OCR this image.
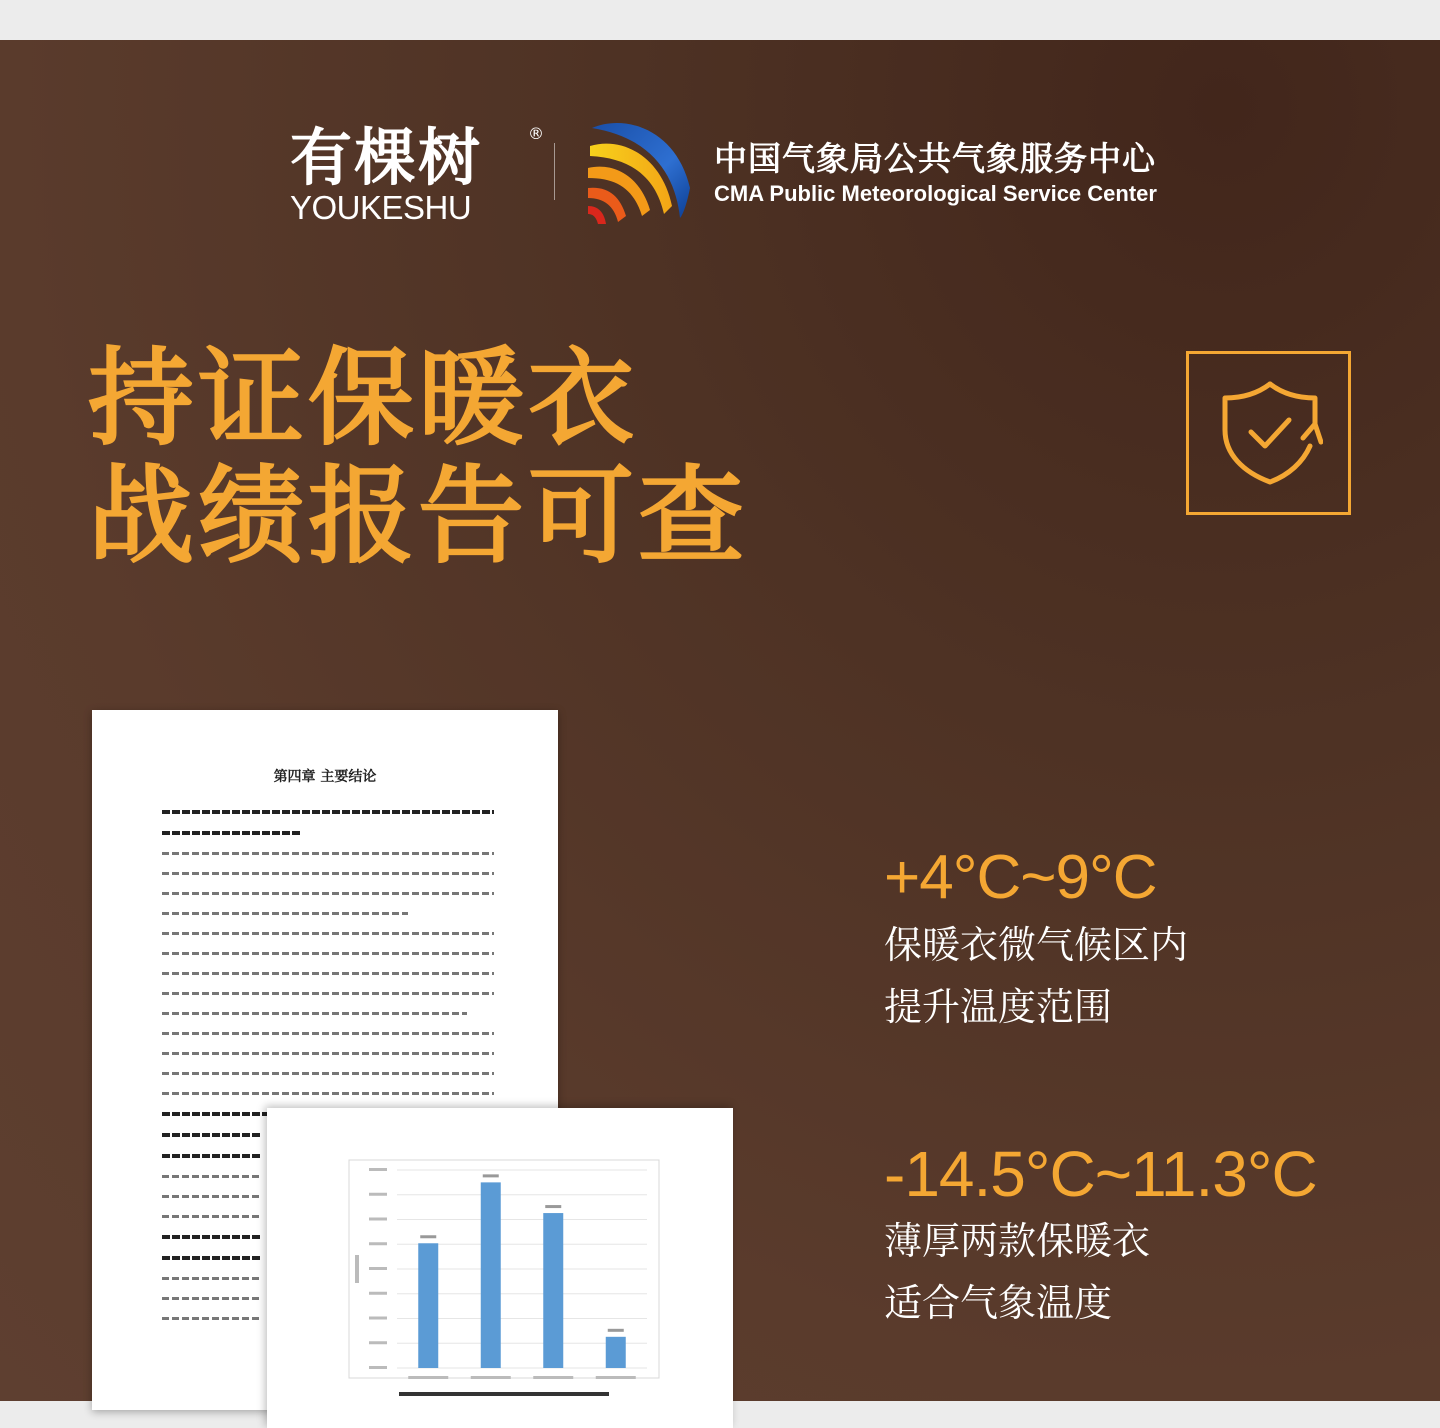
有棵树	®
YOUKESHU
中国气象局公共气象服务中心
CMA Public Meteorological Service Center
持证保暖衣
战绩报告可查
第四章 主要结论
+4°C~9°C
保暖衣微气候区内
提升温度范围
-14.5°C~11.3°C
薄厚两款保暖衣
适合气象温度
